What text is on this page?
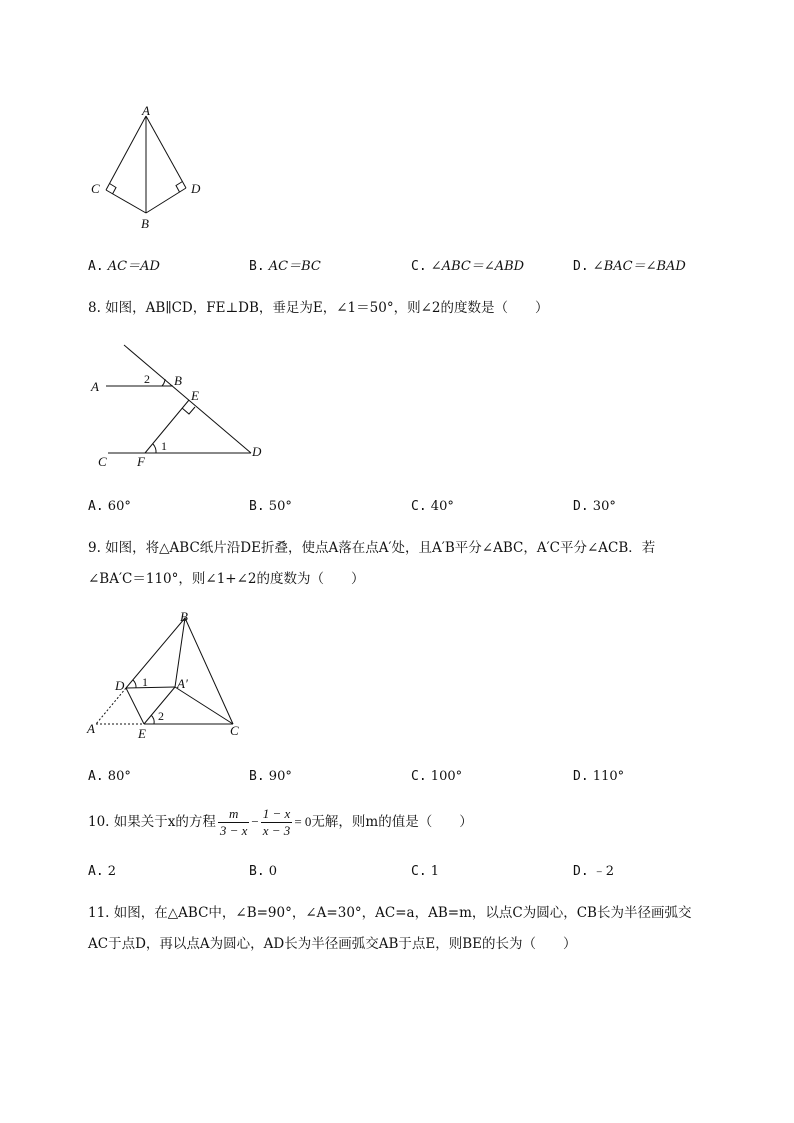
A
C	D
B
A. AC＝AD	B. AC＝BC	C. ∠ABC＝∠ABD	D. ∠BAC＝∠BAD
8. 如图，AB∥CD，FE⊥DB，垂足为E，∠1＝50°，则∠2的度数是（　　）
A	B
2
E
1
C F
D
A. 60°	B. 50°	C. 40°	D. 30°
9. 如图，将△ABC纸片沿DE折叠，使点A落在点A′处，且A′B平分∠ABC，A′C平分∠ACB．若
∠BA′C＝110°，则∠1+∠2的度数为（　　）
B
D 1 A′
2
A	E	C
A. 80°	B. 90°	C. 100°	D. 110°
10. 如果关于x的方程 $\frac{m}{3 - x} - \frac{1 - x}{x - 3} = 0$无解，则m的值是（　　）
A. 2	B. 0	C. 1	D. ﹣2
11. 如图，在△ABC中，∠B=90°，∠A=30°，AC=a，AB=m，以点C为圆心，CB长为半径画弧交
AC于点D，再以点A为圆心，AD长为半径画弧交AB于点E，则BE的长为（　　）
